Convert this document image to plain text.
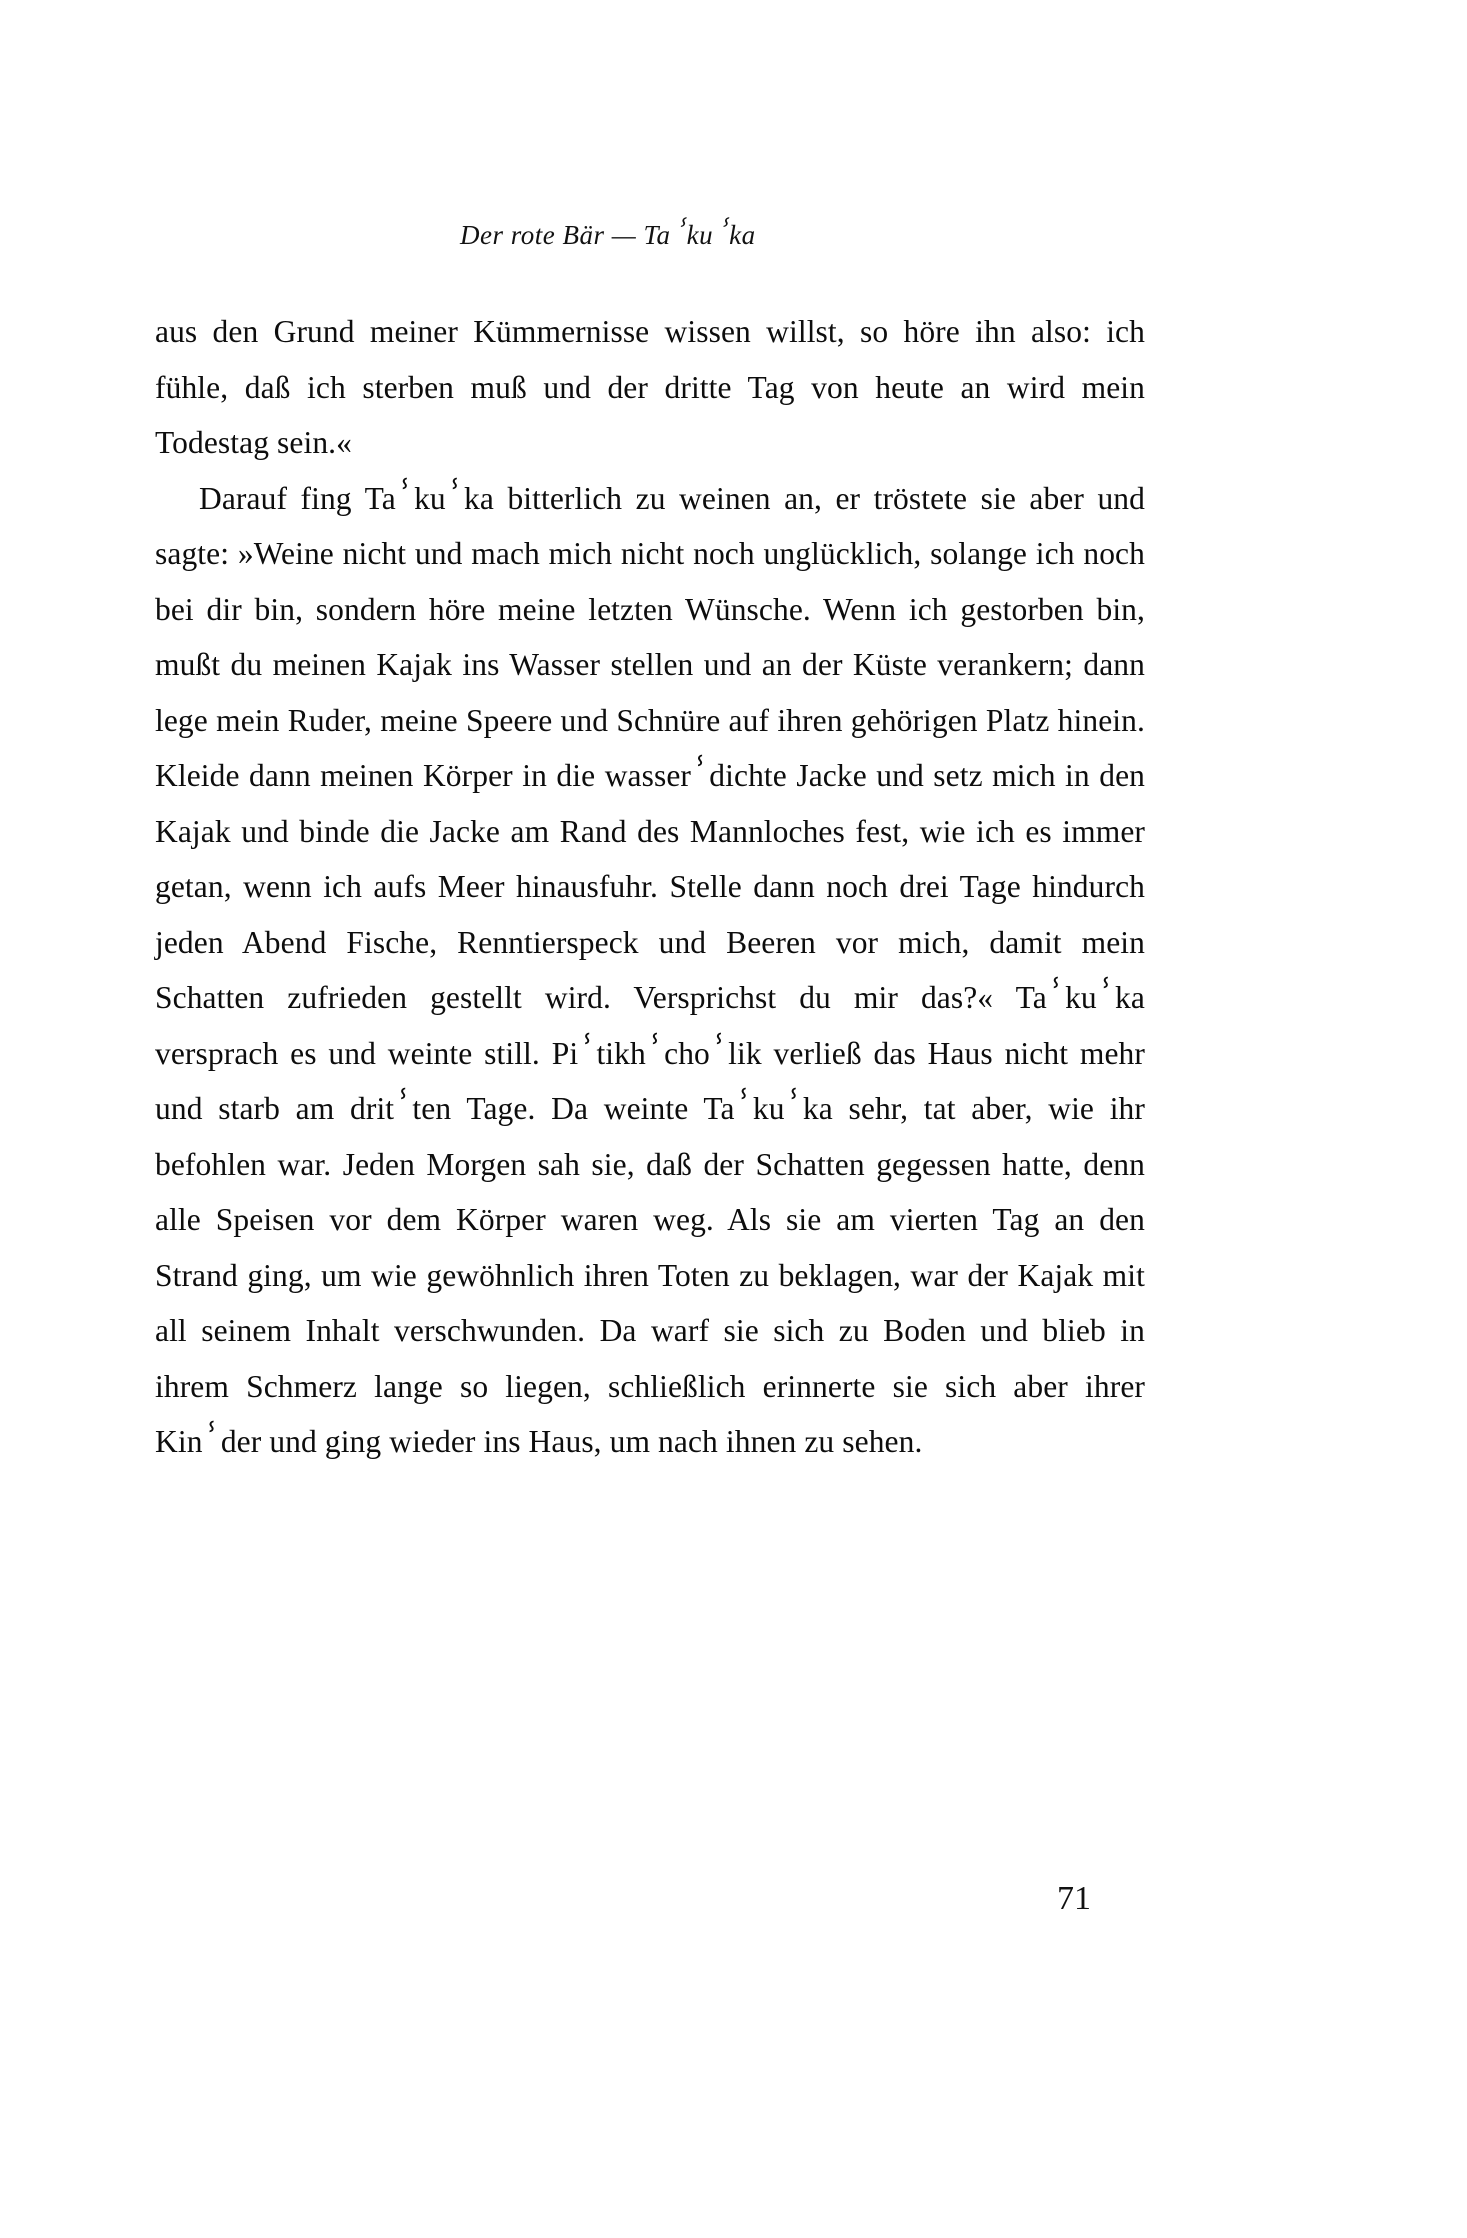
Der rote Bär — Taⸯkuⸯka

aus den Grund meiner Kümmernisse wissen willst, so höre ihn also: ich fühle, daß ich sterben muß und der dritte Tag von heute an wird mein Todestag sein.«

Darauf fing Taⸯkuⸯka bitterlich zu weinen an, er tröstete sie aber und sagte: »Weine nicht und mach mich nicht noch unglücklich, solange ich noch bei dir bin, sondern höre meine letzten Wünsche. Wenn ich gestorben bin, mußt du meinen Kajak ins Wasser stellen und an der Küste verankern; dann lege mein Ruder, meine Speere und Schnüre auf ihren gehörigen Platz hinein. Kleide dann meinen Körper in die wasserⸯdichte Jacke und setz mich in den Kajak und binde die Jacke am Rand des Mannloches fest, wie ich es immer getan, wenn ich aufs Meer hinausfuhr. Stelle dann noch drei Tage hindurch jeden Abend Fische, Renntierspeck und Beeren vor mich, damit mein Schatten zufrieden gestellt wird. Versprichst du mir das?« Taⸯkuⸯka versprach es und weinte still. Piⸯtikhⸯchoⸯlik verließ das Haus nicht mehr und starb am dritⸯten Tage. Da weinte Taⸯkuⸯka sehr, tat aber, wie ihr befohlen war. Jeden Morgen sah sie, daß der Schatten gegessen hatte, denn alle Speisen vor dem Körper waren weg. Als sie am vierten Tag an den Strand ging, um wie gewöhnlich ihren Toten zu beklagen, war der Kajak mit all seinem Inhalt verschwunden. Da warf sie sich zu Boden und blieb in ihrem Schmerz lange so liegen, schließlich erinnerte sie sich aber ihrer Kinⸯder und ging wieder ins Haus, um nach ihnen zu sehen.

71
